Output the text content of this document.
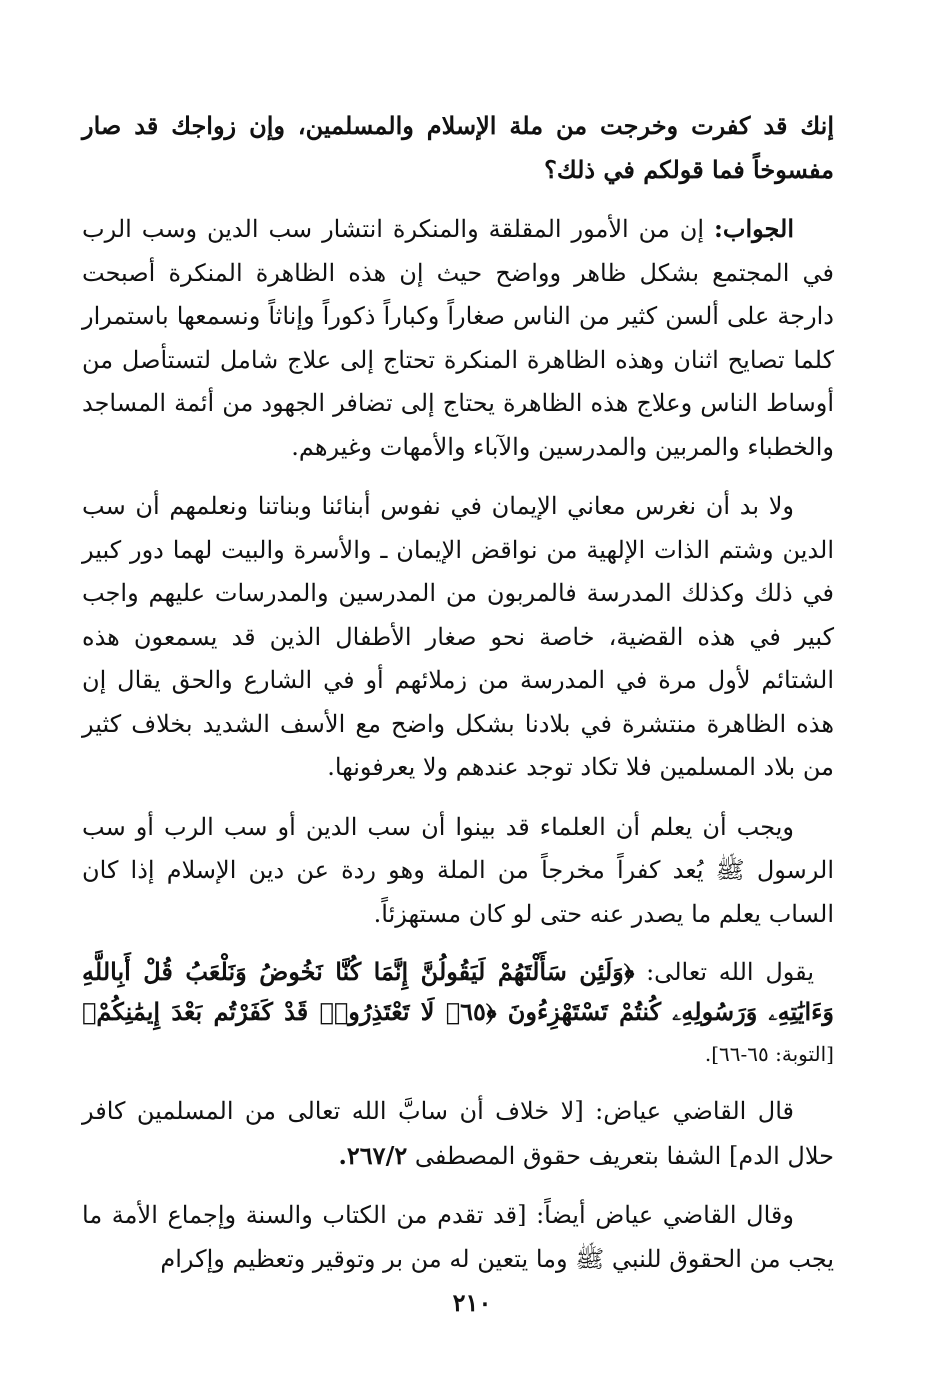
إنك قد كفرت وخرجت من ملة الإسلام والمسلمين، وإن زواجك قد صار مفسوخاً فما قولكم في ذلك؟

الجواب: إن من الأمور المقلقة والمنكرة انتشار سب الدين وسب الرب في المجتمع بشكل ظاهر وواضح حيث إن هذه الظاهرة المنكرة أصبحت دارجة على ألسن كثير من الناس صغاراً وكباراً ذكوراً وإناثاً ونسمعها باستمرار كلما تصايح اثنان وهذه الظاهرة المنكرة تحتاج إلى علاج شامل لتستأصل من أوساط الناس وعلاج هذه الظاهرة يحتاج إلى تضافر الجهود من أئمة المساجد والخطباء والمربين والمدرسين والآباء والأمهات وغيرهم.

ولا بد أن نغرس معاني الإيمان في نفوس أبنائنا وبناتنا ونعلمهم أن سب الدين وشتم الذات الإلهية من نواقض الإيمان ـ والأسرة والبيت لهما دور كبير في ذلك وكذلك المدرسة فالمربون من المدرسين والمدرسات عليهم واجب كبير في هذه القضية، خاصة نحو صغار الأطفال الذين قد يسمعون هذه الشتائم لأول مرة في المدرسة من زملائهم أو في الشارع والحق يقال إن هذه الظاهرة منتشرة في بلادنا بشكل واضح مع الأسف الشديد بخلاف كثير من بلاد المسلمين فلا تكاد توجد عندهم ولا يعرفونها.

ويجب أن يعلم أن العلماء قد بينوا أن سب الدين أو سب الرب أو سب الرسول ﷺ يُعد كفراً مخرجاً من الملة وهو ردة عن دين الإسلام إذا كان الساب يعلم ما يصدر عنه حتى لو كان مستهزئاً.

يقول الله تعالى: ﴿وَلَئِن سَأَلْتَهُمْ لَيَقُولُنَّ إِنَّمَا كُنَّا نَخُوضُ وَنَلْعَبُ قُلْ أَبِاللَّهِ وَءَايَٰتِهِۦ وَرَسُولِهِۦ كُنتُمْ تَسْتَهْزِءُونَ ﴿٦٥﴾ لَا تَعْتَذِرُوا۟ قَدْ كَفَرْتُم بَعْدَ إِيمَٰنِكُمْ﴾ [التوبة: ٦٥-٦٦].

قال القاضي عياض: [لا خلاف أن سابَّ الله تعالى من المسلمين كافر حلال الدم] الشفا بتعريف حقوق المصطفى ٢٦٧/٢.

وقال القاضي عياض أيضاً: [قد تقدم من الكتاب والسنة وإجماع الأمة ما يجب من الحقوق للنبي ﷺ وما يتعين له من بر وتوقير وتعظيم وإكرام

٢١٠
